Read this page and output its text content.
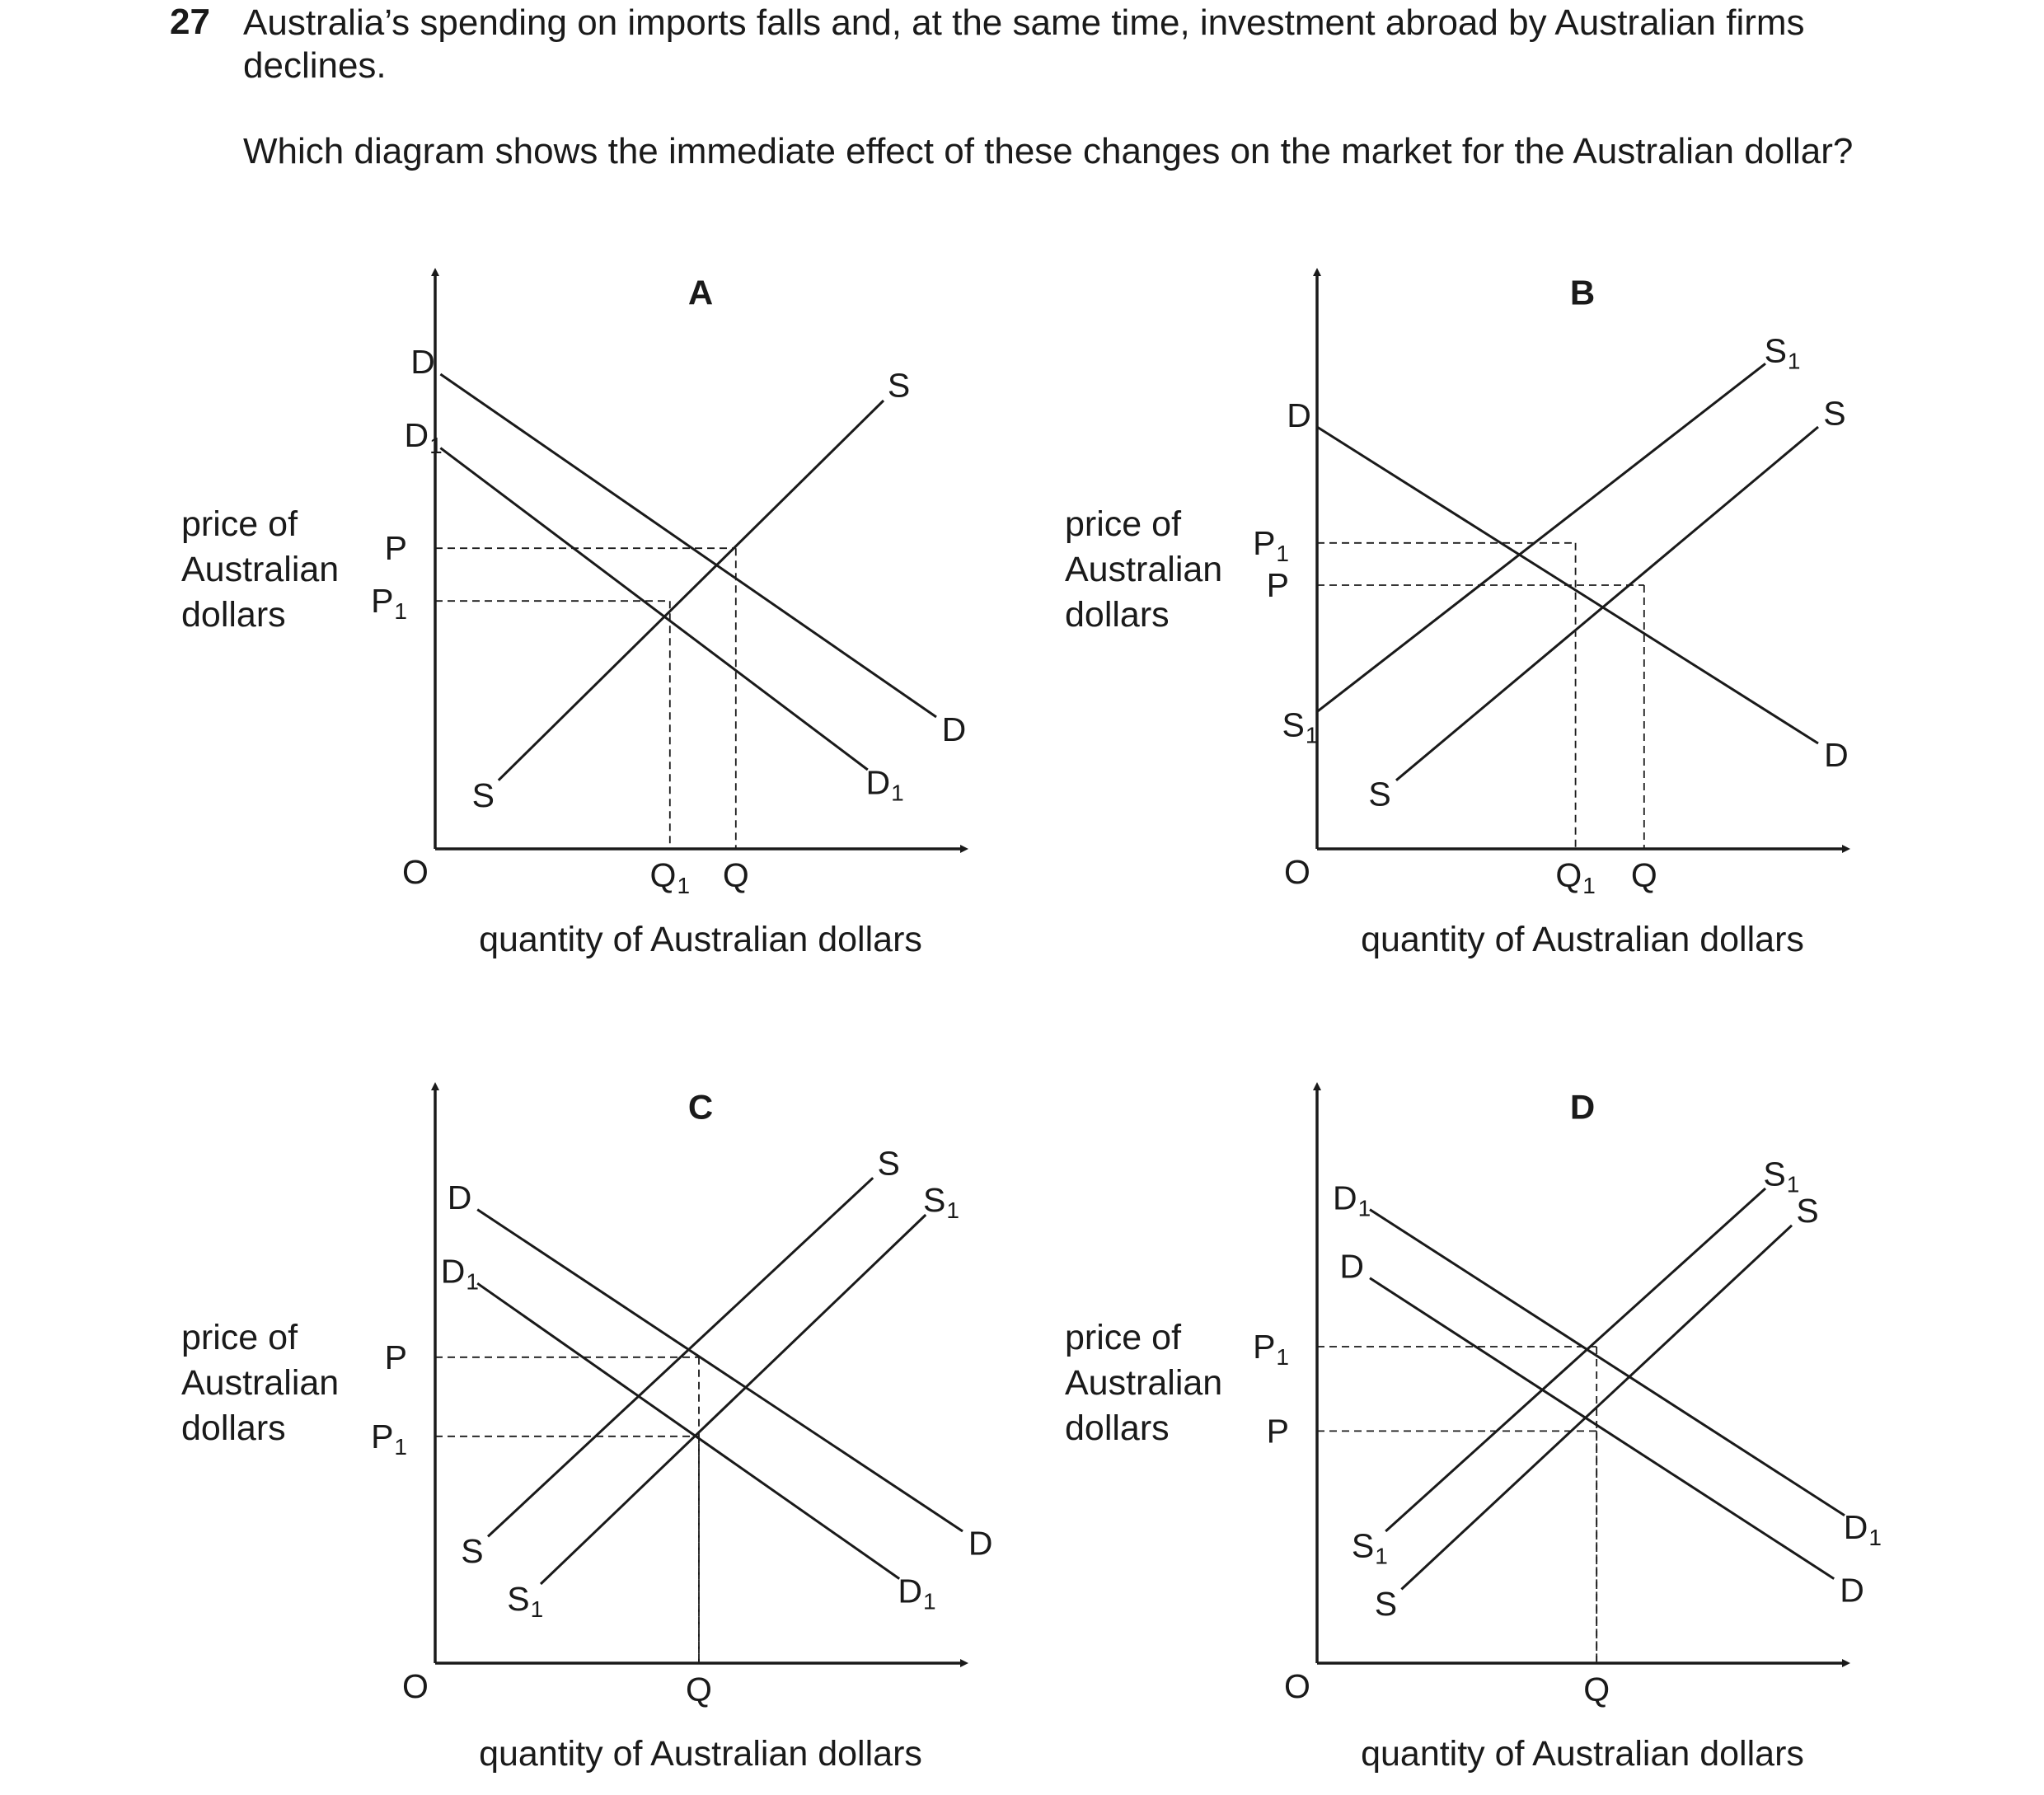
27 Australia’s spending on imports falls and, at the same time, investment abroad by Australian firms declines.
Which diagram shows the immediate effect of these changes on the market for the Australian dollar?
A
O
quantity of Australian dollars
price of Australian dollars
P
$P_1$
$Q_1$ Q
D
D
$D_1$
$D_1$
S
S
B
O
quantity of Australian dollars
price of Australian dollars
$P_1$
P
$Q_1$ Q
D
D
$S_1$
$S_1$
S
S
C
O
quantity of Australian dollars
price of Australian dollars
P
$P_1$
Q
D
D
$D_1$
$D_1$
S
S
$S_1$
$S_1$
D
O
quantity of Australian dollars
price of Australian dollars
$P_1$
P
Q
$D_1$
$D_1$
D
D
$S_1$
$S_1$
S
S
